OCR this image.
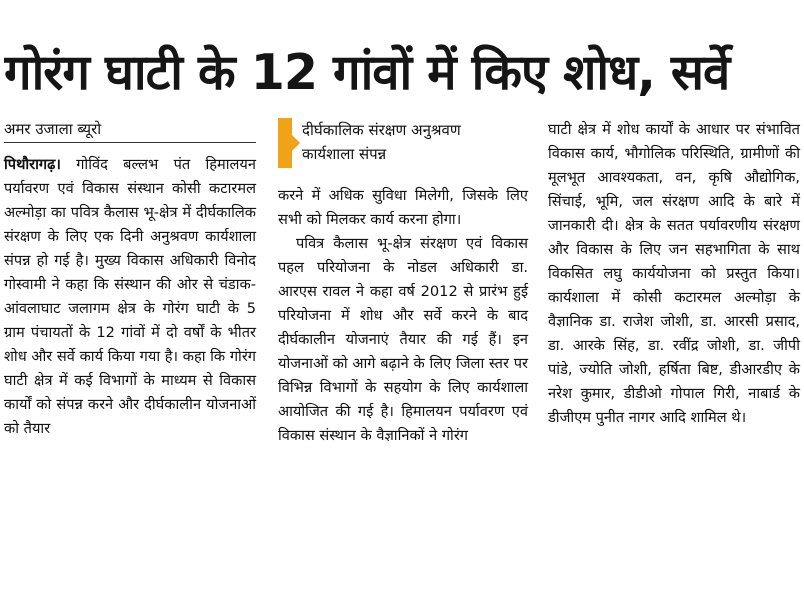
गोरंग घाटी के 12 गांवों में किए शोध, सर्वे
अमर उजाला ब्यूरो

पिथौरागढ़। गोविंद बल्लभ पंत हिमालयन पर्यावरण एवं विकास संस्थान कोसी कटारमल अल्मोड़ा का पवित्र कैलास भू-क्षेत्र में दीर्घकालिक संरक्षण के लिए एक दिनी अनुश्रवण कार्यशाला संपन्न हो गई है। मुख्य विकास अधिकारी विनोद गोस्वामी ने कहा कि संस्थान की ओर से चंडाक-आंवलाघाट जलागम क्षेत्र के गोरंग घाटी के 5 ग्राम पंचायतों के 12 गांवों में दो वर्षों के भीतर शोध और सर्वे कार्य किया गया है। कहा कि गोरंग घाटी क्षेत्र में कई विभागों के माध्यम से विकास कार्यों को संपन्न करने और दीर्घकालीन योजनाओं को तैयार

दीर्घकालिक संरक्षण अनुश्रवण
कार्यशाला संपन्न

करने में अधिक सुविधा मिलेगी, जिसके लिए सभी को मिलकर कार्य करना होगा।

पवित्र कैलास भू-क्षेत्र संरक्षण एवं विकास पहल परियोजना के नोडल अधिकारी डा. आरएस रावल ने कहा वर्ष 2012 से प्रारंभ हुई परियोजना में शोध और सर्वे करने के बाद दीर्घकालीन योजनाएं तैयार की गई हैं। इन योजनाओं को आगे बढ़ाने के लिए जिला स्तर पर विभिन्न विभागों के सहयोग के लिए कार्यशाला आयोजित की गई है। हिमालयन पर्यावरण एवं विकास संस्थान के वैज्ञानिकों ने गोरंग

घाटी क्षेत्र में शोध कार्यों के आधार पर संभावित विकास कार्य, भौगोलिक परिस्थिति, ग्रामीणों की मूलभूत आवश्यकता, वन, कृषि औद्योगिक, सिंचाई, भूमि, जल संरक्षण आदि के बारे में जानकारी दी। क्षेत्र के सतत पर्यावरणीय संरक्षण और विकास के लिए जन सहभागिता के साथ विकसित लघु कार्ययोजना को प्रस्तुत किया। कार्यशाला में कोसी कटारमल अल्मोड़ा के वैज्ञानिक डा. राजेश जोशी, डा. आरसी प्रसाद, डा. आरके सिंह, डा. रवींद्र जोशी, डा. जीपी पांडे, ज्योति जोशी, हर्षिता बिष्ट, डीआरडीए के नरेश कुमार, डीडीओ गोपाल गिरी, नाबार्ड के डीजीएम पुनीत नागर आदि शामिल थे।
